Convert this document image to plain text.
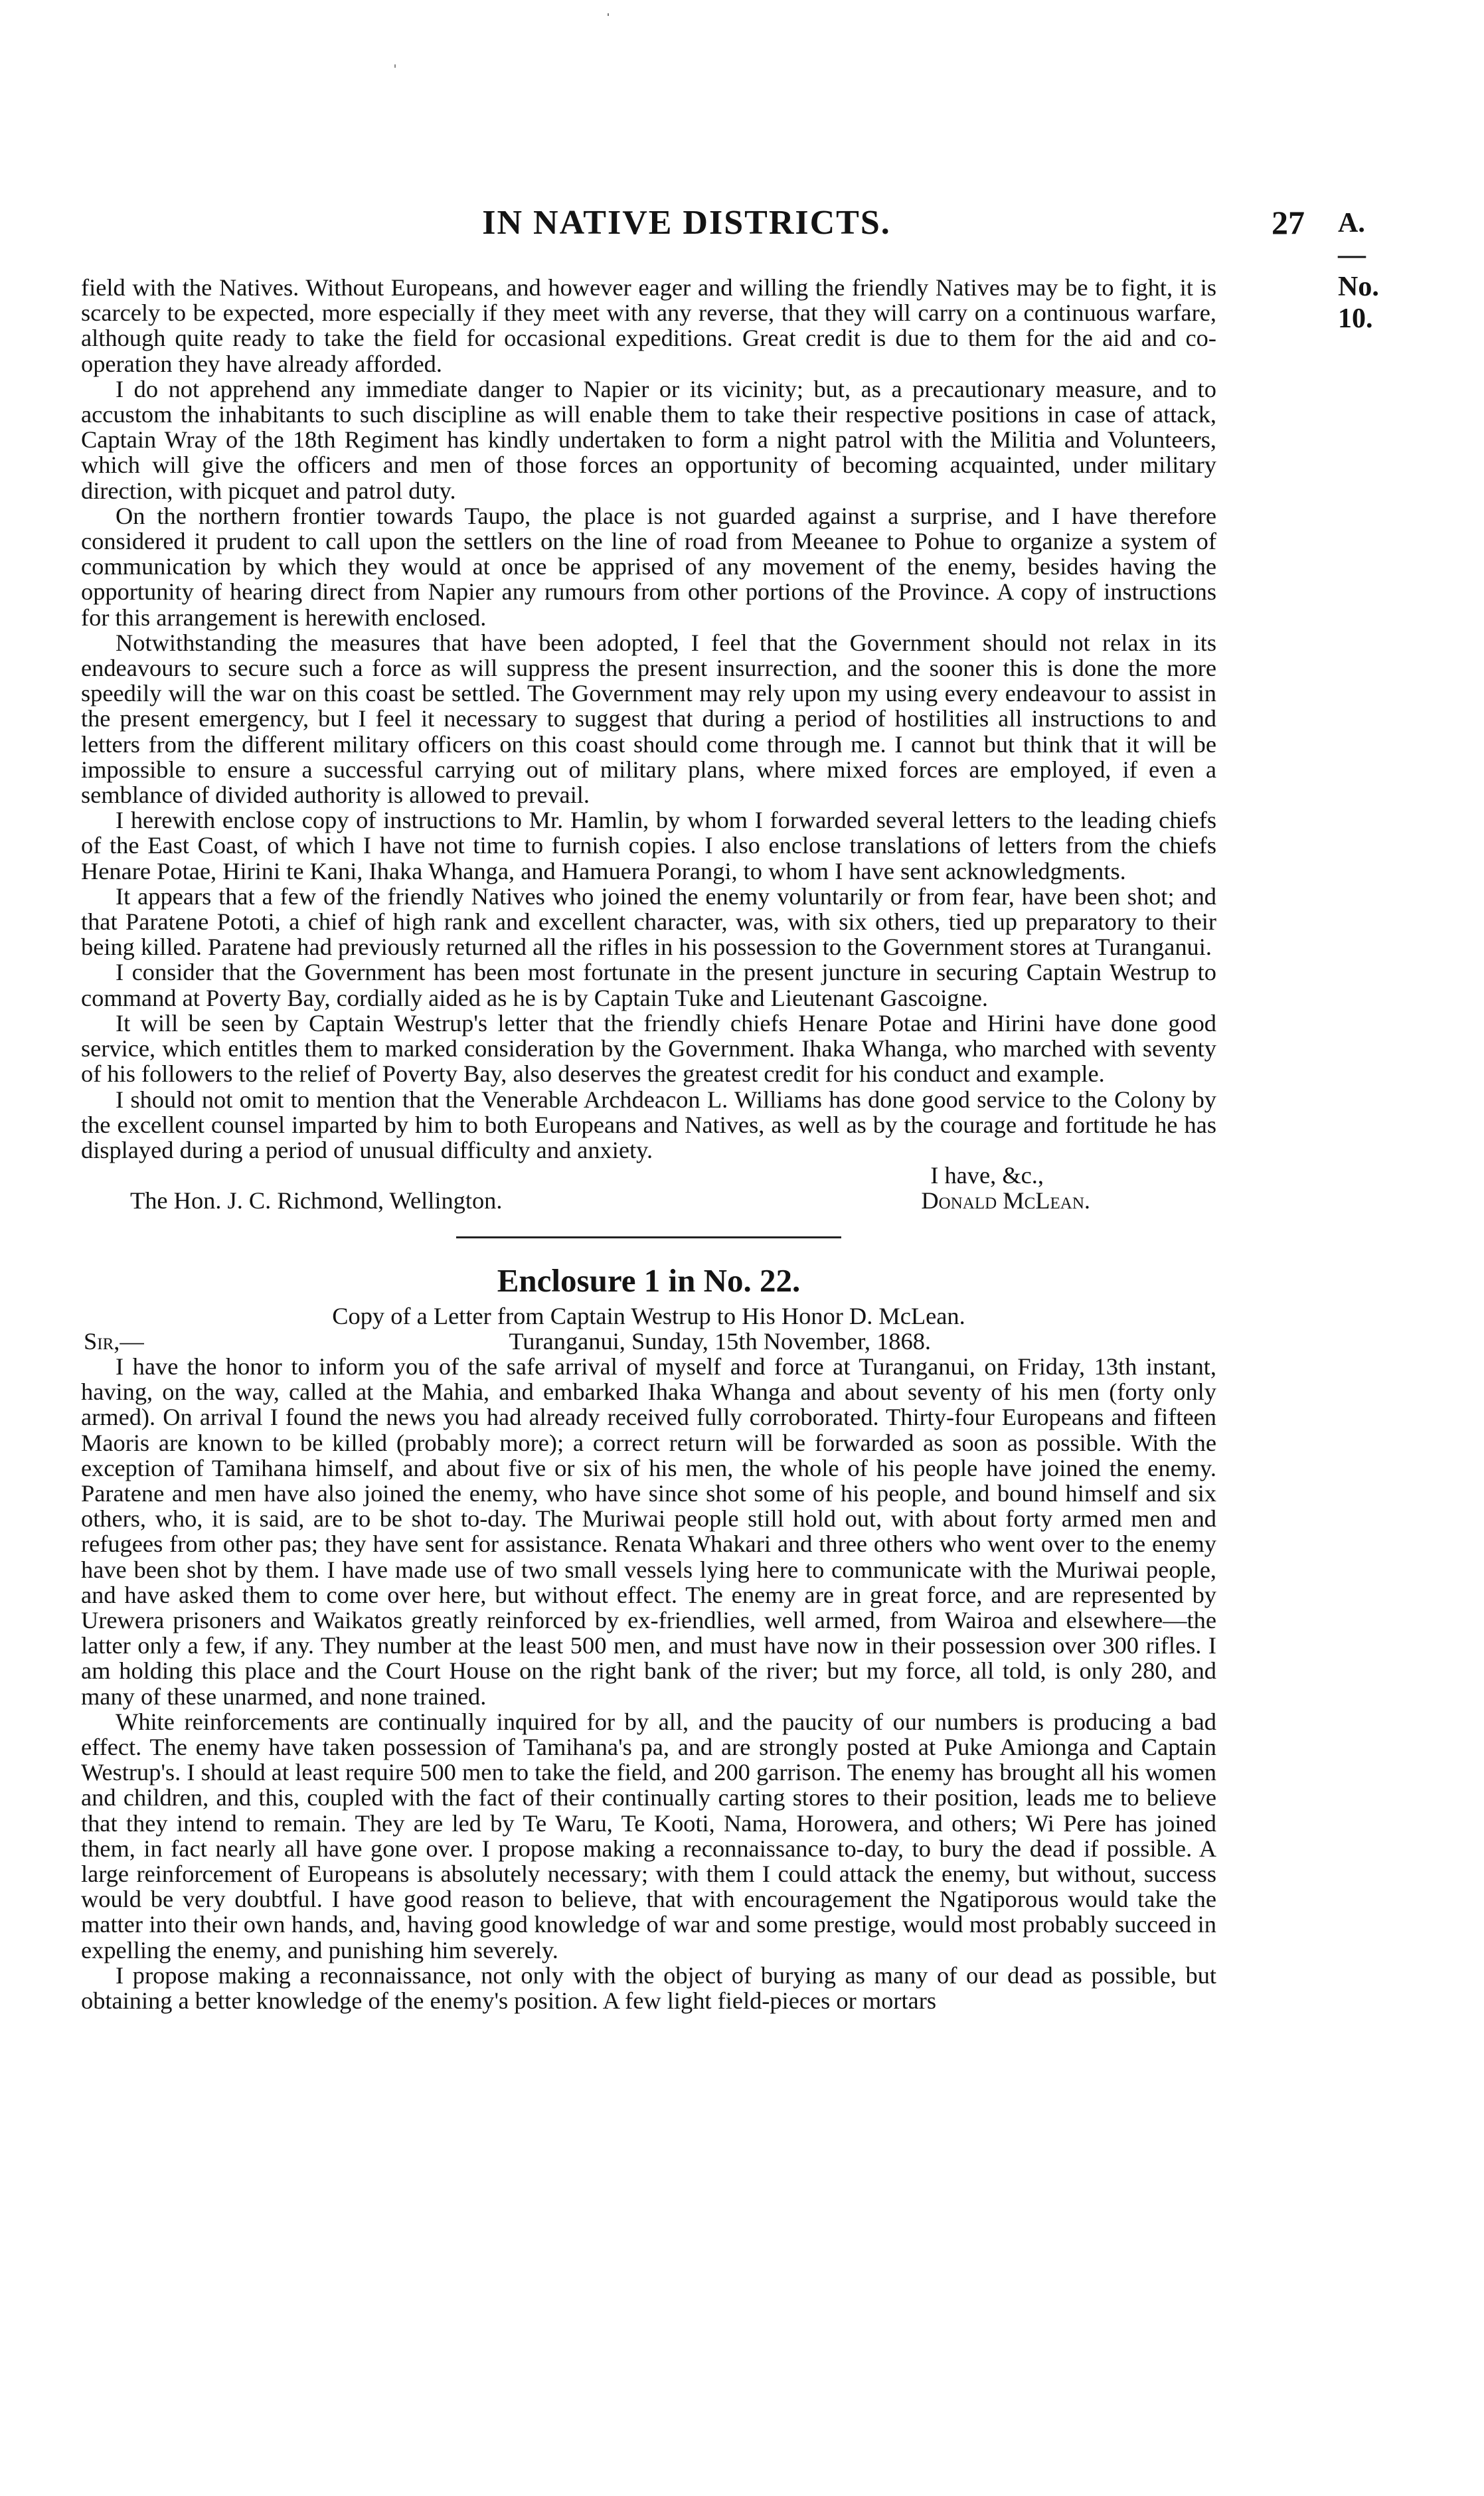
IN NATIVE DISTRICTS.	27 A.—No. 10.

field with the Natives. Without Europeans, and however eager and willing the friendly Natives may be to fight, it is scarcely to be expected, more especially if they meet with any reverse, that they will carry on a continuous warfare, although quite ready to take the field for occasional expeditions. Great credit is due to them for the aid and co-operation they have already afforded.

I do not apprehend any immediate danger to Napier or its vicinity; but, as a precautionary measure, and to accustom the inhabitants to such discipline as will enable them to take their respective positions in case of attack, Captain Wray of the 18th Regiment has kindly undertaken to form a night patrol with the Militia and Volunteers, which will give the officers and men of those forces an opportunity of becoming acquainted, under military direction, with picquet and patrol duty.

On the northern frontier towards Taupo, the place is not guarded against a surprise, and I have therefore considered it prudent to call upon the settlers on the line of road from Meeanee to Pohue to organize a system of communication by which they would at once be apprised of any movement of the enemy, besides having the opportunity of hearing direct from Napier any rumours from other portions of the Province. A copy of instructions for this arrangement is herewith enclosed.

Notwithstanding the measures that have been adopted, I feel that the Government should not relax in its endeavours to secure such a force as will suppress the present insurrection, and the sooner this is done the more speedily will the war on this coast be settled. The Government may rely upon my using every endeavour to assist in the present emergency, but I feel it necessary to suggest that during a period of hostilities all instructions to and letters from the different military officers on this coast should come through me. I cannot but think that it will be impossible to ensure a successful carrying out of military plans, where mixed forces are employed, if even a semblance of divided authority is allowed to prevail.

I herewith enclose copy of instructions to Mr. Hamlin, by whom I forwarded several letters to the leading chiefs of the East Coast, of which I have not time to furnish copies. I also enclose translations of letters from the chiefs Henare Potae, Hirini te Kani, Ihaka Whanga, and Hamuera Porangi, to whom I have sent acknowledgments.

It appears that a few of the friendly Natives who joined the enemy voluntarily or from fear, have been shot; and that Paratene Pototi, a chief of high rank and excellent character, was, with six others, tied up preparatory to their being killed. Paratene had previously returned all the rifles in his possession to the Government stores at Turanganui.

I consider that the Government has been most fortunate in the present juncture in securing Captain Westrup to command at Poverty Bay, cordially aided as he is by Captain Tuke and Lieutenant Gascoigne.

It will be seen by Captain Westrup's letter that the friendly chiefs Henare Potae and Hirini have done good service, which entitles them to marked consideration by the Government. Ihaka Whanga, who marched with seventy of his followers to the relief of Poverty Bay, also deserves the greatest credit for his conduct and example.

I should not omit to mention that the Venerable Archdeacon L. Williams has done good service to the Colony by the excellent counsel imparted by him to both Europeans and Natives, as well as by the courage and fortitude he has displayed during a period of unusual difficulty and anxiety.

I have, &c.,
The Hon. J. C. Richmond, Wellington.	Donald McLean.
Enclosure 1 in No. 22.
Copy of a Letter from Captain Westrup to His Honor D. McLean.
Sir,—	Turanganui, Sunday, 15th November, 1868.

I have the honor to inform you of the safe arrival of myself and force at Turanganui, on Friday, 13th instant, having, on the way, called at the Mahia, and embarked Ihaka Whanga and about seventy of his men (forty only armed). On arrival I found the news you had already received fully corroborated. Thirty-four Europeans and fifteen Maoris are known to be killed (probably more); a correct return will be forwarded as soon as possible. With the exception of Tamihana himself, and about five or six of his men, the whole of his people have joined the enemy. Paratene and men have also joined the enemy, who have since shot some of his people, and bound himself and six others, who, it is said, are to be shot to-day. The Muriwai people still hold out, with about forty armed men and refugees from other pas; they have sent for assistance. Renata Whakari and three others who went over to the enemy have been shot by them. I have made use of two small vessels lying here to communicate with the Muriwai people, and have asked them to come over here, but without effect. The enemy are in great force, and are represented by Urewera prisoners and Waikatos greatly reinforced by ex-friendlies, well armed, from Wairoa and elsewhere—the latter only a few, if any. They number at the least 500 men, and must have now in their possession over 300 rifles. I am holding this place and the Court House on the right bank of the river; but my force, all told, is only 280, and many of these unarmed, and none trained.

White reinforcements are continually inquired for by all, and the paucity of our numbers is producing a bad effect. The enemy have taken possession of Tamihana's pa, and are strongly posted at Puke Amionga and Captain Westrup's. I should at least require 500 men to take the field, and 200 garrison. The enemy has brought all his women and children, and this, coupled with the fact of their continually carting stores to their position, leads me to believe that they intend to remain. They are led by Te Waru, Te Kooti, Nama, Horowera, and others; Wi Pere has joined them, in fact nearly all have gone over. I propose making a reconnaissance to-day, to bury the dead if possible. A large reinforcement of Europeans is absolutely necessary; with them I could attack the enemy, but without, success would be very doubtful. I have good reason to believe, that with encouragement the Ngatiporous would take the matter into their own hands, and, having good knowledge of war and some prestige, would most probably succeed in expelling the enemy, and punishing him severely.

I propose making a reconnaissance, not only with the object of burying as many of our dead as possible, but obtaining a better knowledge of the enemy's position. A few light field-pieces or mortars
